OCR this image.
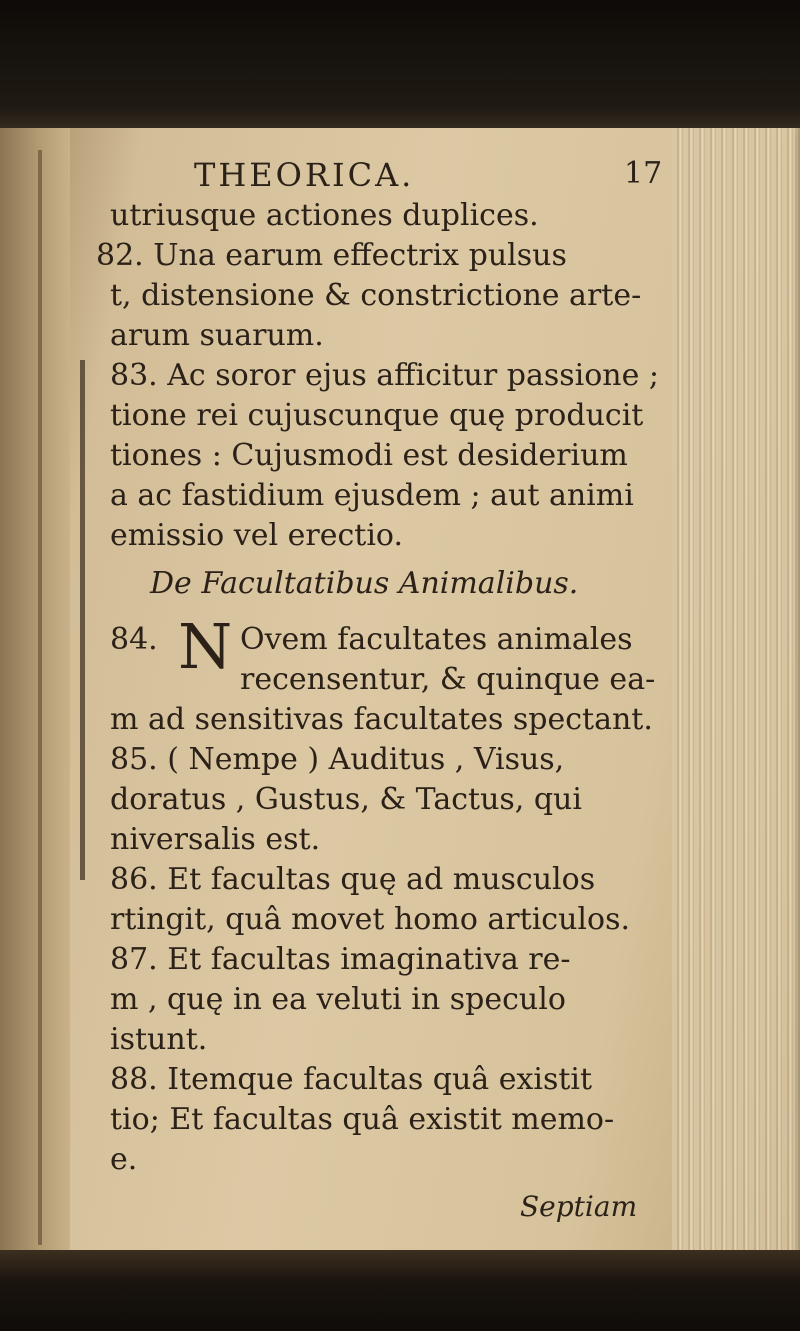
THEORICA.	17
utriusque actiones duplices.
82. Una earum effectrix pulsus
t, distensione & constrictione arte-
arum suarum.
83. Ac soror ejus afficitur passione ;
tione rei cujuscunque quę producit
tiones : Cujusmodi est desiderium
a ac fastidium ejusdem ; aut animi
emissio vel erectio.
De Facultatibus Animalibus.
84. N Ovem facultates animales
recensentur, & quinque ea-
m ad sensitivas facultates spectant.
85. ( Nempe ) Auditus , Visus,
doratus , Gustus, & Tactus, qui
niversalis est.
86. Et facultas quę ad musculos
rtingit, quâ movet homo articulos.
87. Et facultas imaginativa re-
m , quę in ea veluti in speculo
istunt.
88. Itemque facultas quâ existit
tio; Et facultas quâ existit memo-
e.
Septiam
